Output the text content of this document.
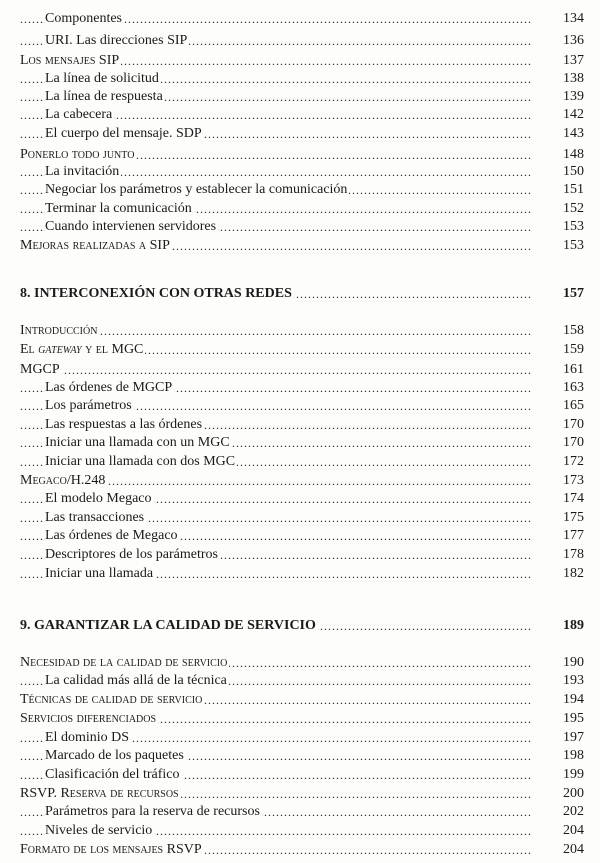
.....
Componentes	134
.....
URI. Las direcciones SIP	136
.....
Los mensajes SIP	137
.....
La línea de solicitud	138
.....
La línea de respuesta	139
.....
La cabecera	142
.....
El cuerpo del mensaje. SDP	143
.....
Ponerlo todo junto	148
.....
La invitación	150
.....
Negociar los parámetros y establecer la comunicación	151
.....
Terminar la comunicación	152
.....
Cuando intervienen servidores	153
.....
Mejoras realizadas a SIP	153
.....
8. INTERCONEXIÓN CON OTRAS REDES	157
.....
Introducción	158
.....
El gateway y el MGC	159
.....
MGCP	161
.....
Las órdenes de MGCP	163
.....
Los parámetros	165
.....
Las respuestas a las órdenes	170
.....
Iniciar una llamada con un MGC	170
.....
Iniciar una llamada con dos MGC	172
.....
Megaco/H.248	173
.....
El modelo Megaco	174
.....
Las transacciones	175
.....
Las órdenes de Megaco	177
.....
Descriptores de los parámetros	178
.....
Iniciar una llamada	182
.....
9. GARANTIZAR LA CALIDAD DE SERVICIO	189
.....
Necesidad de la calidad de servicio	190
.....
La calidad más allá de la técnica	193
.....
Técnicas de calidad de servicio	194
.....
Servicios diferenciados	195
.....
El dominio DS	197
.....
Marcado de los paquetes	198
.....
Clasificación del tráfico	199
.....
RSVP. Reserva de recursos	200
.....
Parámetros para la reserva de recursos	202
.....
Niveles de servicio	204
.....
Formato de los mensajes RSVP	204
